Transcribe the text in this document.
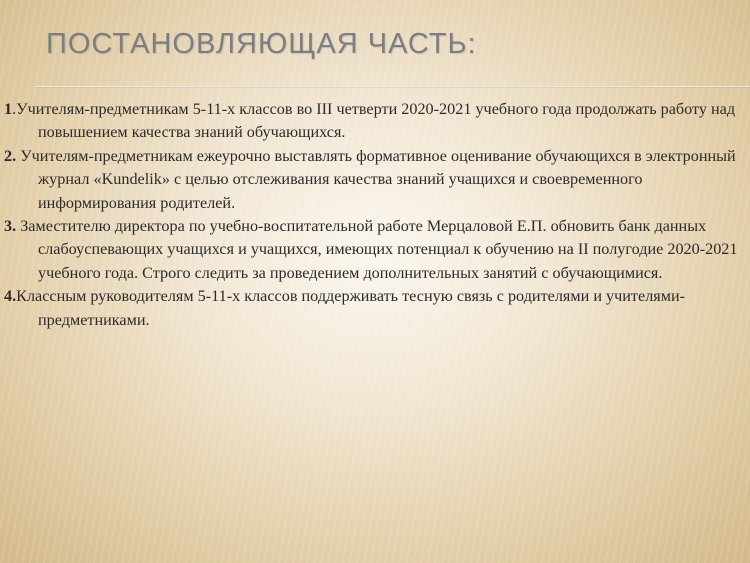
ПОСТАНОВЛЯЮЩАЯ ЧАСТЬ:

1.Учителям-предметникам 5-11-х классов во III четверти 2020-2021 учебного года продолжать работу над повышением качества знаний обучающихся.

2. Учителям-предметникам ежеурочно выставлять формативное оценивание обучающихся в электронный журнал «Kundelik» с целью отслеживания качества знаний учащихся и своевременного информирования родителей.

3. Заместителю директора по учебно-воспитательной работе Мерцаловой Е.П. обновить банк данных слабоуспевающих учащихся и учащихся, имеющих потенциал к обучению на II полугодие 2020-2021 учебного года. Строго следить за проведением дополнительных занятий с обучающимися.

4.Классным руководителям 5-11-х классов поддерживать тесную связь с родителями и учителями-предметниками.
